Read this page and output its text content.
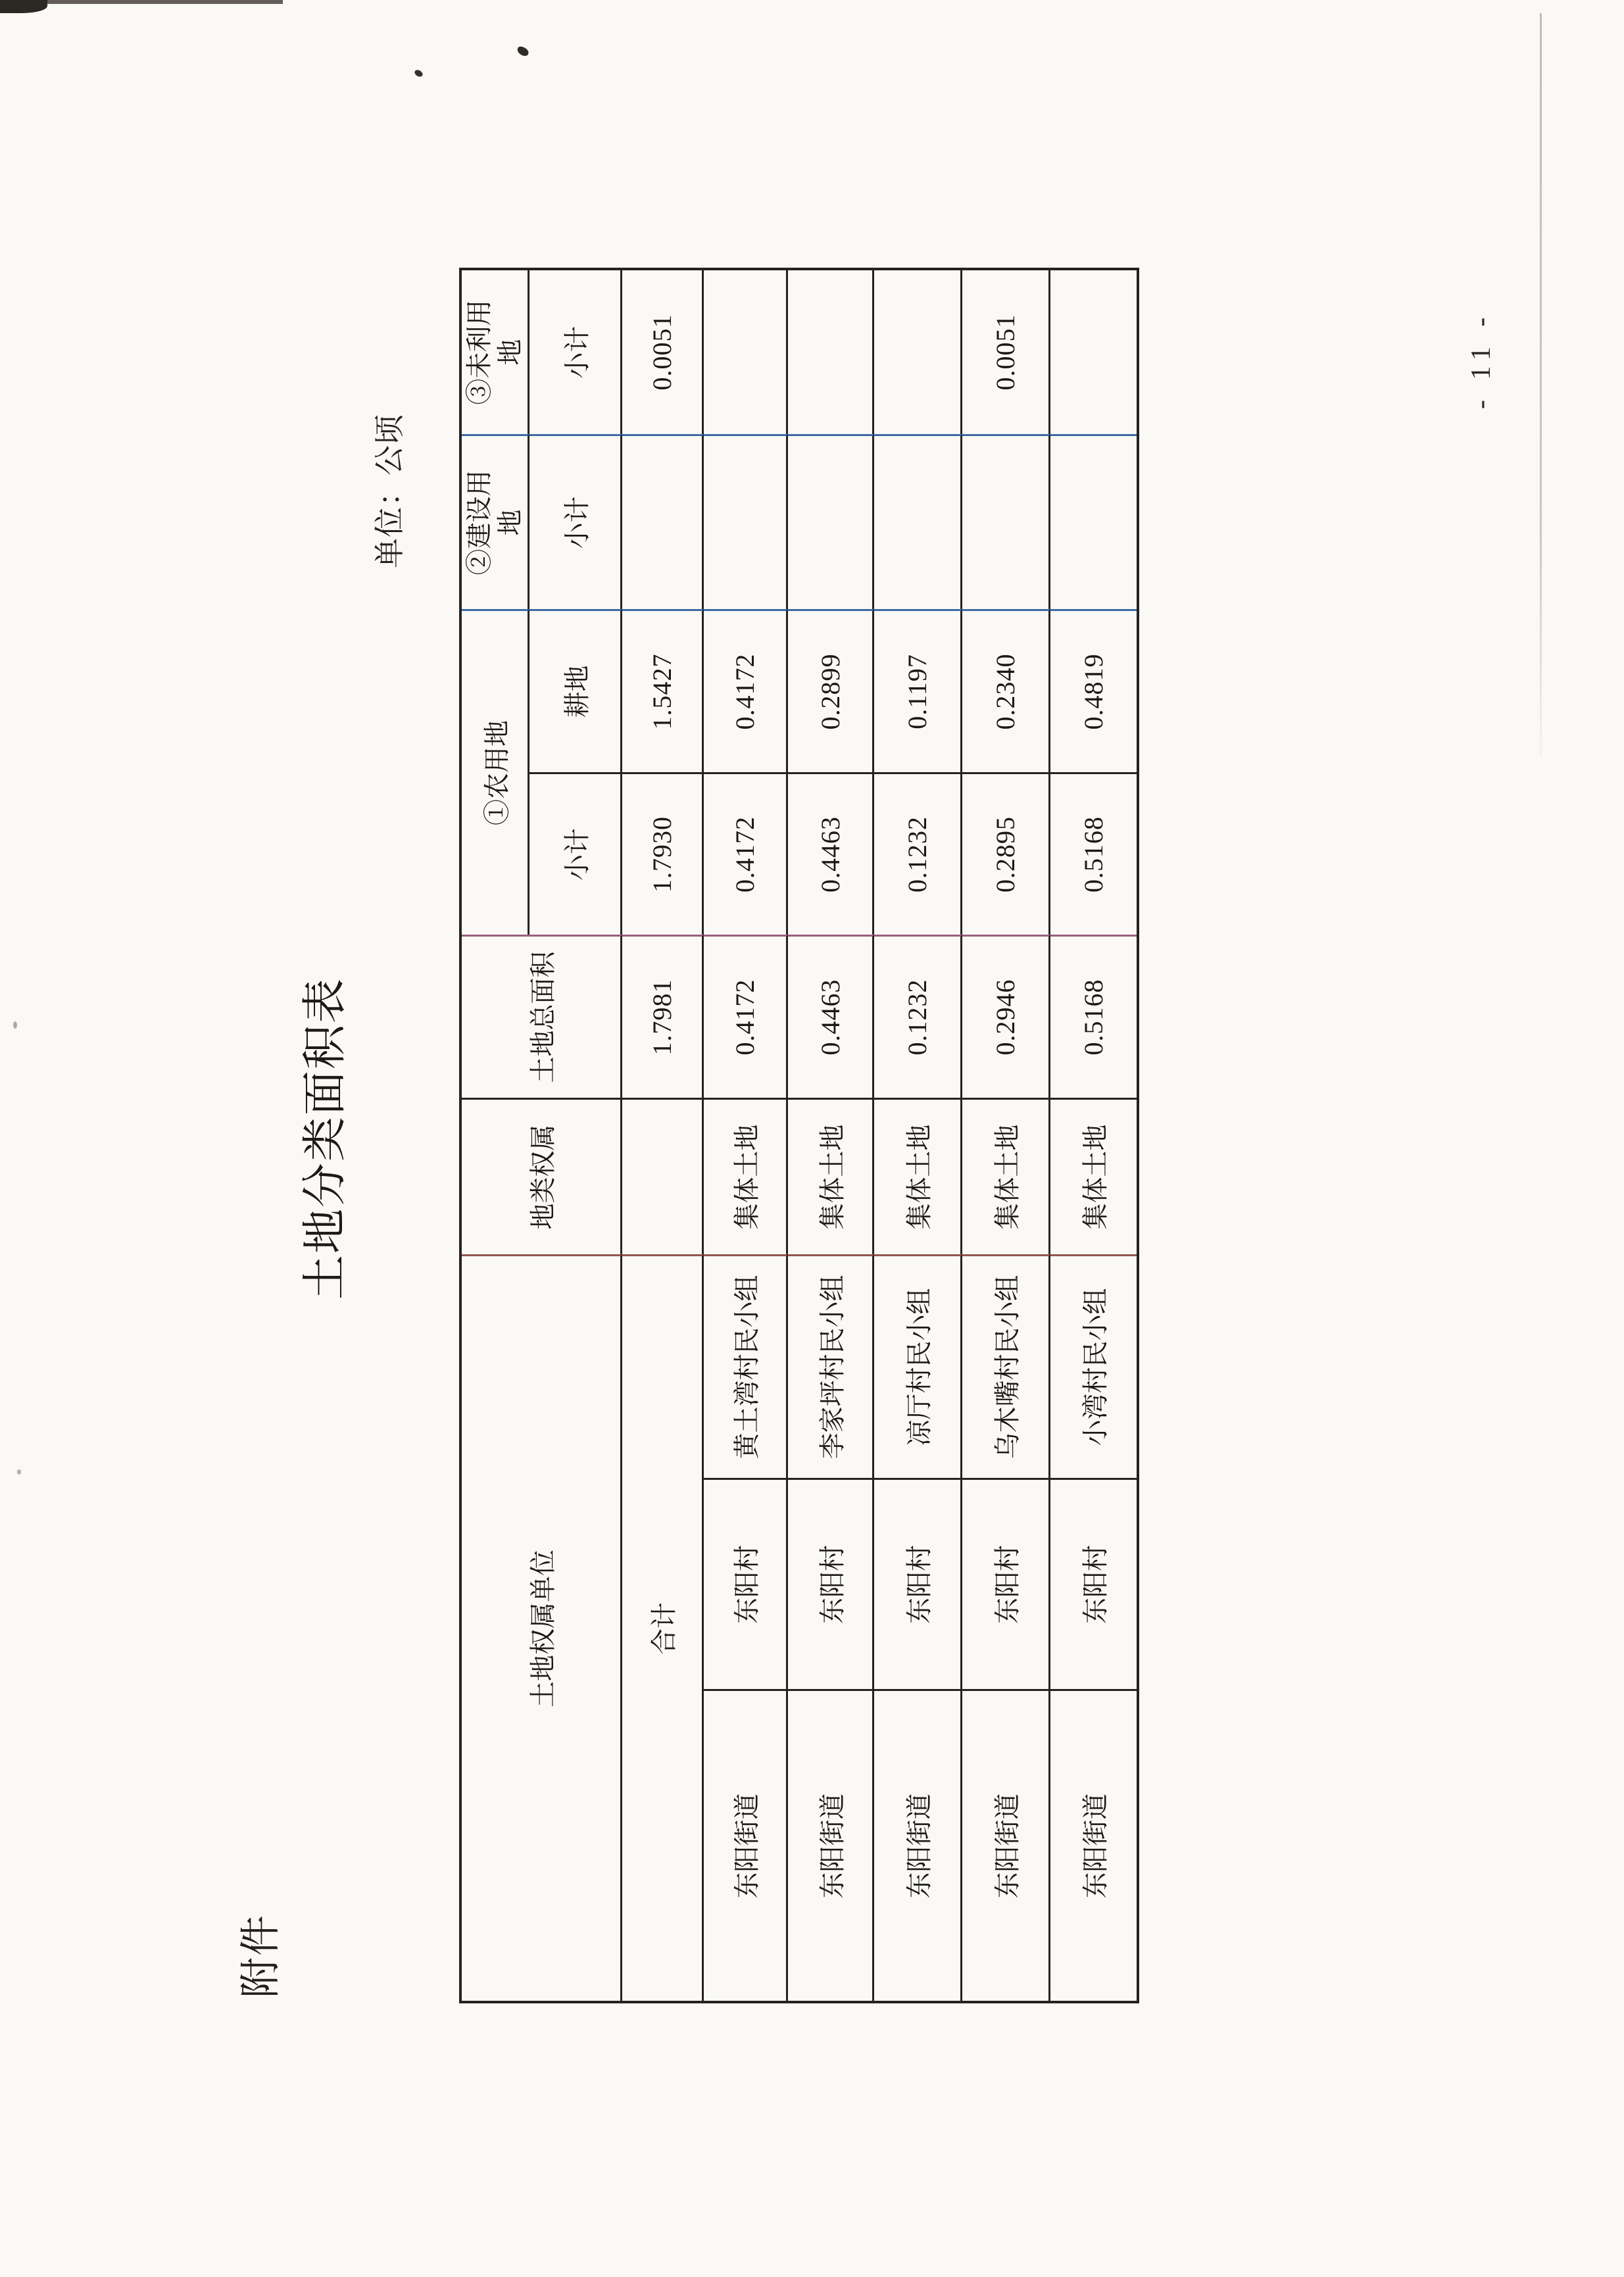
附件
土地分类面积表
单位：公顷
土地权属单位			地类权属	土地总面积	①农用地		②建设用地	③未利用地
					小计	耕地	小计	小计
合计				1.7981	1.7930	1.5427		0.0051
东阳街道	东阳村	黄土湾村民小组	集体土地	0.4172	0.4172	0.4172		
东阳街道	东阳村	李家坪村民小组	集体土地	0.4463	0.4463	0.2899		
东阳街道	东阳村	凉厅村民小组	集体土地	0.1232	0.1232	0.1197		
东阳街道	东阳村	乌木嘴村民小组	集体土地	0.2946	0.2895	0.2340		0.0051
东阳街道	东阳村	小湾村民小组	集体土地	0.5168	0.5168	0.4819		
- 11 -
